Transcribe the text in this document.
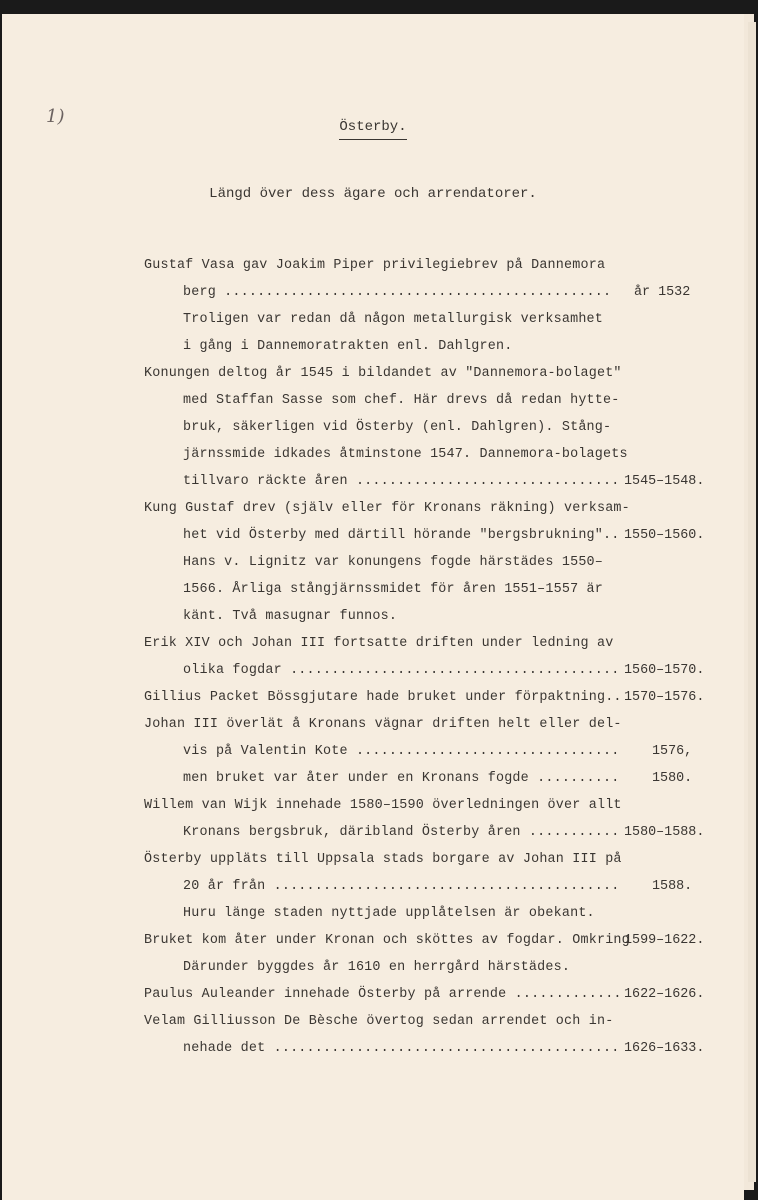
1)	Österby.
Längd över dess ägare och arrendatorer.
Gustaf Vasa gav Joakim Piper privilegiebrev på Dannemora
berg ............................................... år 1532
Troligen var redan då någon metallurgisk verksamhet
i gång i Dannemoratrakten enl. Dahlgren.
Konungen deltog år 1545 i bildandet av "Dannemora-bolaget"
med Staffan Sasse som chef. Här drevs då redan hytte-
bruk, säkerligen vid Österby (enl. Dahlgren). Stång-
järnssmide idkades åtminstone 1547. Dannemora-bolagets
tillvaro räckte åren ................................ 1545–1548.
Kung Gustaf drev (själv eller för Kronans räkning) verksam-
het vid Österby med därtill hörande "bergsbrukning".. 1550–1560.
Hans v. Lignitz var konungens fogde härstädes 1550–
1566. Årliga stångjärnssmidet för åren 1551–1557 är
känt. Två masugnar funnos.
Erik XIV och Johan III fortsatte driften under ledning av
olika fogdar ........................................ 1560–1570.
Gillius Packet Bössgjutare hade bruket under förpaktning.. 1570–1576.
Johan III överlät å Kronans vägnar driften helt eller del-
vis på Valentin Kote ................................ 1576,
men bruket var åter under en Kronans fogde .......... 1580.
Willem van Wijk innehade 1580–1590 överledningen över allt
Kronans bergsbruk, däribland Österby åren ........... 1580–1588.
Österby uppläts till Uppsala stads borgare av Johan III på
20 år från .......................................... 1588.
Huru länge staden nyttjade upplåtelsen är obekant.
Bruket kom åter under Kronan och sköttes av fogdar. Omkring
1599–1622.
Därunder byggdes år 1610 en herrgård härstädes.
Paulus Auleander innehade Österby på arrende ............. 1622–1626.
Velam Gilliusson De Bèsche övertog sedan arrendet och in-
nehade det .......................................... 1626–1633.
